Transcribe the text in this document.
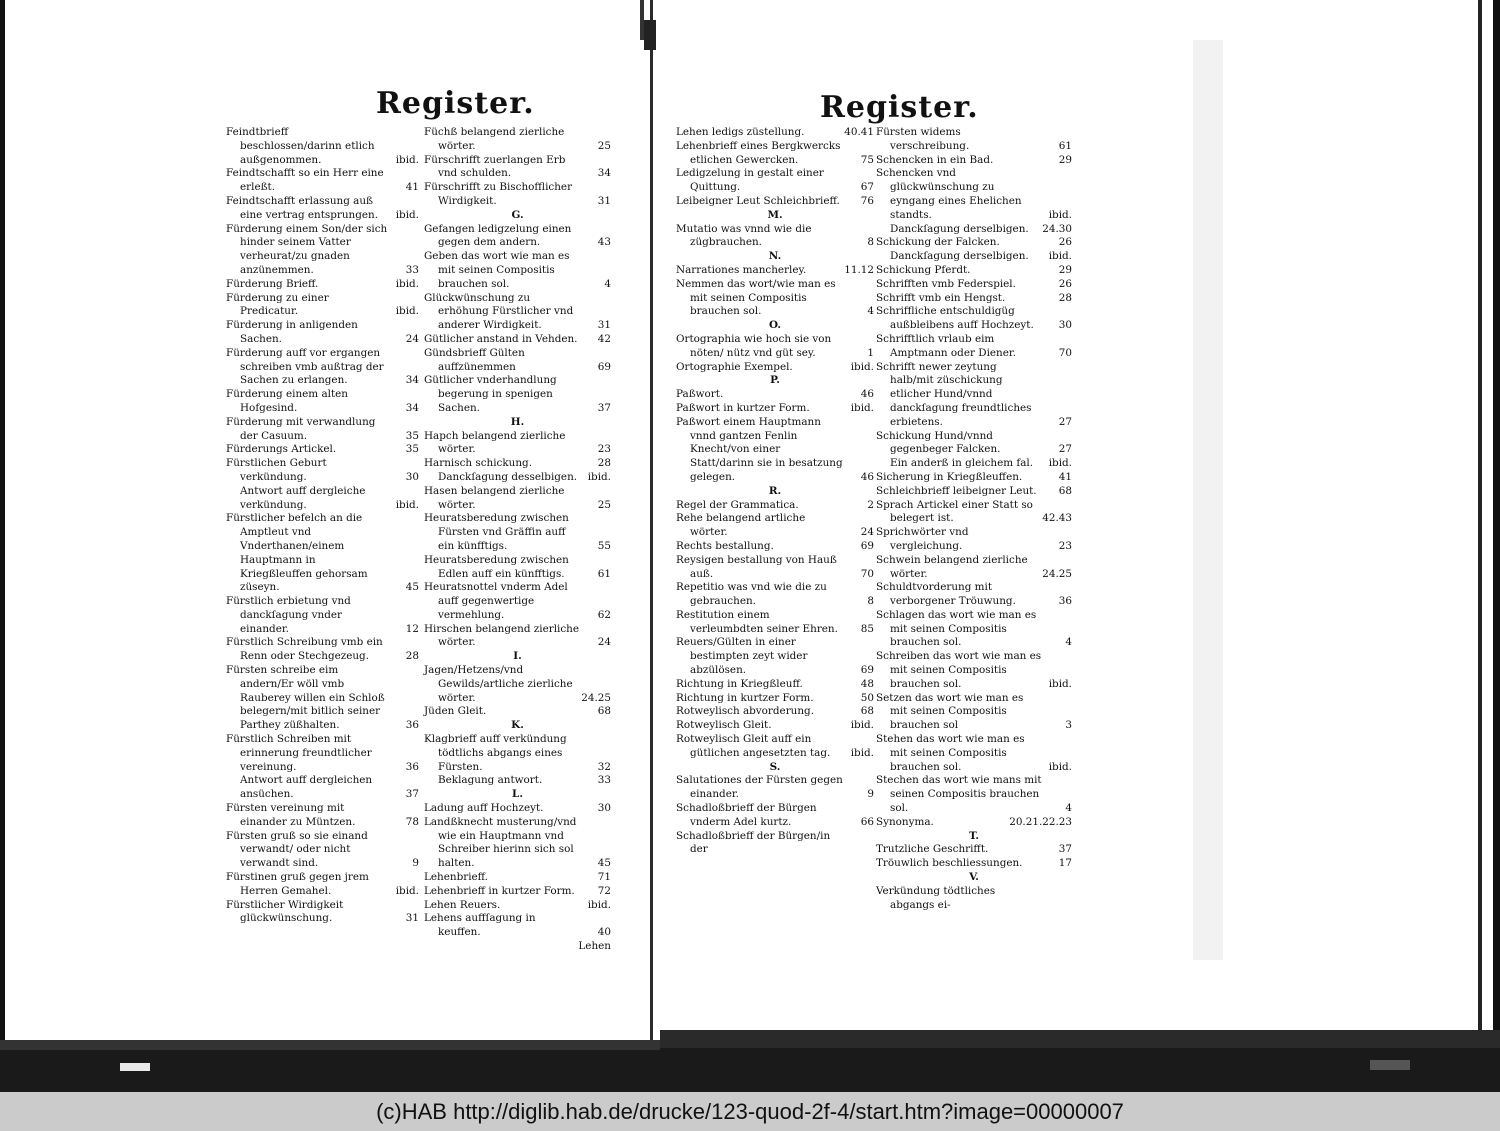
Register.
Feindtbrieff beschlossen/darinn etlich außgenommen.	ibid.
Feindtschafft so ein Herr eine erleßt.	41
Feindtschafft erlassung auß eine vertrag entsprungen. ibid.
Fürderung einem Son/der sich hinder seinem Vatter verheurat/zu gnaden anzünemmen.	33
Fürderung Brieff.	ibid.
Fürderung zu einer Predicatur.	ibid.
Fürderung in anligenden Sachen.	24
Fürderung auff vor ergangen schreiben vmb außtrag der Sachen zu erlangen.	34
Fürderung einem alten Hofgesind.	34
Fürderung mit verwandlung der Casuum.	35
Fürderungs Artickel.	35
Fürstlichen Geburt verkündung.	30
Antwort auff dergleiche verkündung.	ibid.
Fürstlicher befelch an die Amptleut vnd Vnderthanen/einem Hauptmann in Kriegßleuffen gehorsam züseyn.	45
Fürstlich erbietung vnd danckſagung vnder einander.	12
Fürstlich Schreibung vmb ein Renn oder Stechgezeug.	28
Fürsten schreibe eim andern/Er wöll vmb Rauberey willen ein Schloß belegern/mit bitlich seiner Parthey züßhalten.	36
Fürstlich Schreiben mit erinnerung freundtlicher vereinung.	36
Antwort auff dergleichen ansüchen.	37
Fürsten vereinung mit einander zu Müntzen.	78
Fürsten gruß so sie einand verwandt/ oder nicht verwandt sind.	9
Fürstinen gruß gegen jrem Herren Gemahel.	ibid.
Fürstlicher Wirdigkeit glückwünschung.	31
Füchß belangend zierliche wörter.	25
Fürschrifft zuerlangen Erb vnd schulden.	34
Fürschrifft zu Bischofflicher Wirdigkeit.	31
G.
Gefangen ledigzelung einen gegen dem andern.	43
Geben das wort wie man es mit seinen Compositis brauchen sol.	4
Glückwünschung zu erhöhung Fürstlicher vnd anderer Wirdigkeit.	31
Gütlicher anstand in Vehden. 42
Gündsbrieff Gülten auffzünemmen	69
Gütlicher vnderhandlung begerung in spenigen Sachen.	37
H.
Hapch belangend zierliche wörter.	23
Harnisch schickung.	28
Danckſagung desselbigen. ibid.
Hasen belangend zierliche wörter.	25
Heuratsberedung zwischen Fürsten vnd Gräffin auff ein künfftigs.	55
Heuratsberedung zwischen Edlen auff ein künfftigs.	61
Heuratsnottel vnderm Adel auff gegenwertige vermehlung.	62
Hirschen belangend zierliche wörter.	24
I.
Jagen/Hetzens/vnd Gewilds/artliche zierliche wörter.	24.25
Jüden Gleit.	68
K.
Klagbrieff auff verkündung tödtlichs abgangs eines Fürsten.	32
Beklagung antwort.	33
L.
Ladung auff Hochzeyt.	30
Landßknecht musterung/vnd wie ein Hauptmann vnd Schreiber hierinn sich sol halten.	45
Lehenbrieff.	71
Lehenbrieff in kurtzer Form. 72
Lehen Reuers.	ibid.
Lehens auffſagung in keuffen.	40
Lehen
Register.
Lehen ledigs züstellung.	40.41
Lehenbrieff eines Bergkwercks etlichen Gewercken.	75
Ledigzelung in gestalt einer Quittung.	67
Leibeigner Leut Schleichbrieff. 76
M.
Mutatio was vnnd wie die zügbrauchen.	8
N.
Narrationes mancherley.	11.12
Nemmen das wort/wie man es mit seinen Compositis brauchen sol.	4
O.
Ortographia wie hoch sie von nöten/ nütz vnd güt sey.	1
Ortographie Exempel.	ibid.
P.
Paßwort.	46
Paßwort in kurtzer Form.	ibid.
Paßwort einem Hauptmann vnnd gantzen Fenlin Knecht/von einer Statt/darinn sie in besatzung gelegen.	46
R.
Regel der Grammatica.	2
Rehe belangend artliche wörter.	24
Rechts bestallung.	69
Reysigen bestallung von Hauß auß.	70
Repetitio was vnd wie die zu gebrauchen.	8
Restitution einem verleumbdten seiner Ehren. 85
Reuers/Gülten in einer bestimpten zeyt wider abzülösen.	69
Richtung in Kriegßleuff.	48
Richtung in kurtzer Form.	50
Rotweylisch abvorderung.	68
Rotweylisch Gleit.	ibid.
Rotweylisch Gleit auff ein gütlichen angesetzten tag. ibid.
S.
Salutationes der Fürsten gegen einander.	9
Schadloßbrieff der Bürgen vnderm Adel kurtz.	66
Schadloßbrieff der Bürgen/in der
Fürsten widems verschreibung.	61
Schencken in ein Bad.	29
Schencken vnd glückwünschung zu eyngang eines Ehelichen standts.	ibid.
Danckſagung derselbigen. 24.30
Schickung der Falcken.	26
Danckſagung derselbigen. ibid.
Schickung Pferdt.	29
Schrifften vmb Federspiel.	26
Schrifft vmb ein Hengst.	28
Schriffliche entschuldigüg außbleibens auff Hochzeyt. 30
Schrifftlich vrlaub eim Amptmann oder Diener.	70
Schrifft newer zeytung halb/mit züschickung etlicher Hund/vnnd danckſagung freundtliches erbietens.	27
Schickung Hund/vnnd gegenbeger Falcken.	27
Ein anderß in gleichem fal. ibid.
Sicherung in Kriegßleuffen.	41
Schleichbrieff leibeigner Leut. 68
Sprach Artickel einer Statt so belegert ist.	42.43
Sprichwörter vnd vergleichung.	23
Schwein belangend zierliche wörter.	24.25
Schuldtvorderung mit verborgener Tröuwung.	36
Schlagen das wort wie man es mit seinen Compositis brauchen sol.	4
Schreiben das wort wie man es mit seinen Compositis brauchen sol.	ibid.
Setzen das wort wie man es mit seinen Compositis brauchen sol	3
Stehen das wort wie man es mit seinen Compositis brauchen sol.	ibid.
Stechen das wort wie mans mit seinen Compositis brauchen sol.	4
Synonyma.	20.21.22.23
T.
Trutzliche Geschrifft.	37
Tröuwlich beschliessungen.	17
V.
Verkündung tödtliches abgangs ei-
(c)HAB http://diglib.hab.de/drucke/123-quod-2f-4/start.htm?image=00000007
